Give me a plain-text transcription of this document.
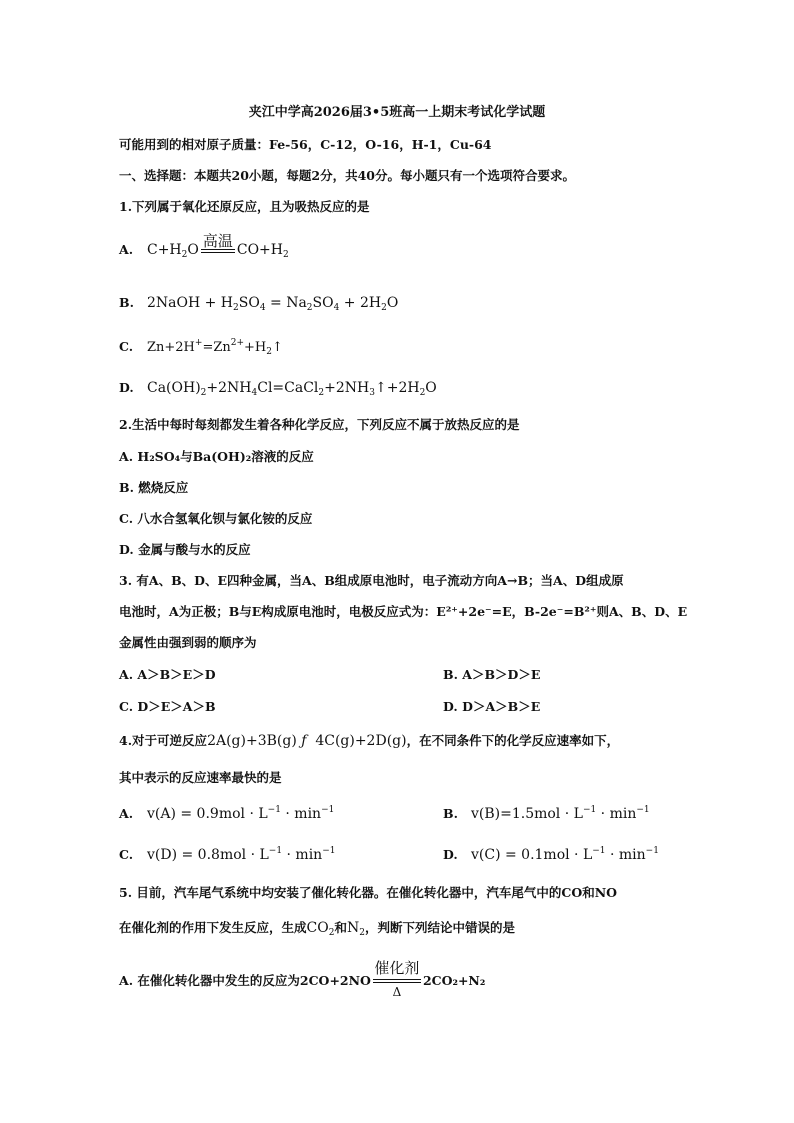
夹江中学高2026届3•5班高一上期末考试化学试题
可能用到的相对原子质量：Fe-56，C-12，O-16，H-1，Cu-64
一、选择题：本题共20小题，每题2分，共40分。每小题只有一个选项符合要求。
1.下列属于氧化还原反应，且为吸热反应的是
A. $C+H_2O$ 高温 $CO+H_2$
B. 2NaOH + $H_2SO_4 = Na_2SO_4 + 2H_2O$
C. $Zn+2H^+=Zn^{2+}+H_2↑$
D. $Ca(OH)_2+2NH_4Cl=CaCl_2+2NH_3↑+2H_2O$
2.生活中每时每刻都发生着各种化学反应，下列反应不属于放热反应的是
A. H₂SO₄与Ba(OH)₂溶液的反应
B. 燃烧反应
C. 八水合氢氧化钡与氯化铵的反应
D. 金属与酸与水的反应
3. 有A、B、D、E四种金属，当A、B组成原电池时，电子流动方向A→B；当A、D组成原
电池时，A为正极；B与E构成原电池时，电极反应式为：E²⁺+2e⁻=E，B-2e⁻=B²⁺则A、B、D、E
金属性由强到弱的顺序为
A. A＞B＞E＞D	B. A＞B＞D＞E
C. D＞E＞A＞B	D. D＞A＞B＞E
4.对于可逆反应2A(g)+3B(g) ƒ  4C(g)+2D(g)，在不同条件下的化学反应速率如下，
其中表示的反应速率最快的是
A. $v(A) = 0.9mol \cdot L^{-1} \cdot \min^{-1}$	B. $v(B)=1.5mol \cdot L^{-1} \cdot \min^{-1}$
C. $v(D) = 0.8mol \cdot L^{-1} \cdot \min^{-1}$	D. $v(C) = 0.1mol \cdot L^{-1} \cdot \min^{-1}$
5. 目前，汽车尾气系统中均安装了催化转化器。在催化转化器中，汽车尾气中的CO和NO
在催化剂的作用下发生反应，生成$CO_2$和$N_2$，判断下列结论中错误的是
A. 在催化转化器中发生的反应为2CO+2NO
催化剂
Δ
2CO₂+N₂
